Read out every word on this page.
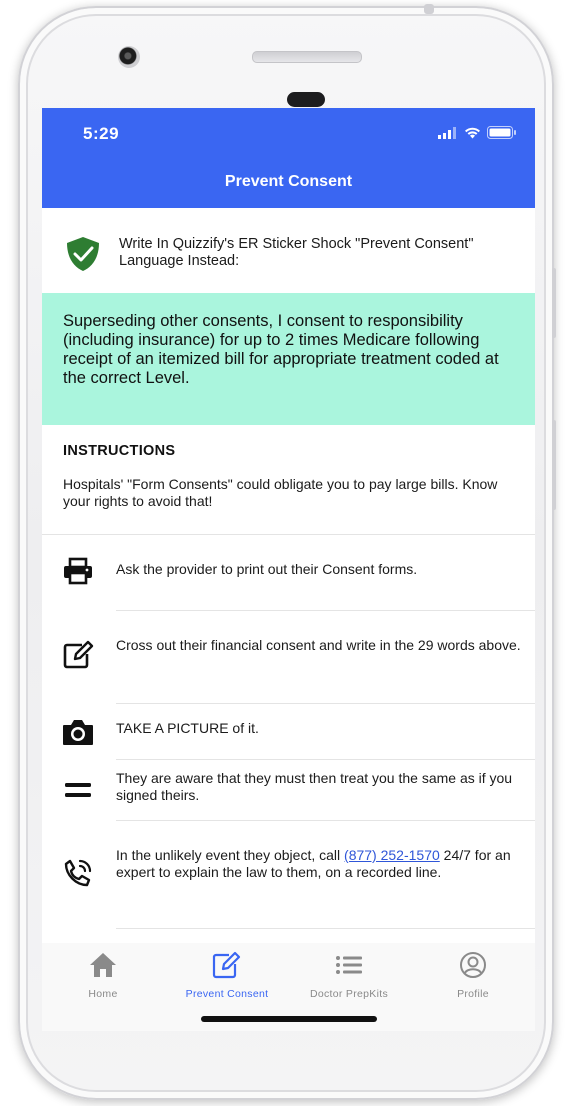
5:29
Prevent Consent
Write In Quizzify's ER Sticker Shock "Prevent Consent" Language Instead:
Superseding other consents, I consent to responsibility (including insurance) for up to 2 times Medicare following receipt of an itemized bill for appropriate treatment coded at the correct Level.
INSTRUCTIONS
Hospitals' "Form Consents" could obligate you to pay large bills. Know your rights to avoid that!
Ask the provider to print out their Consent forms.
Cross out their financial consent and write in the 29 words above.
TAKE A PICTURE of it.
They are aware that they must then treat you the same as if you signed theirs.
In the unlikely event they object, call (877) 252-1570 24/7 for an expert to explain the law to them, on a recorded line.
Home	Prevent Consent	Doctor PrepKits	Profile
